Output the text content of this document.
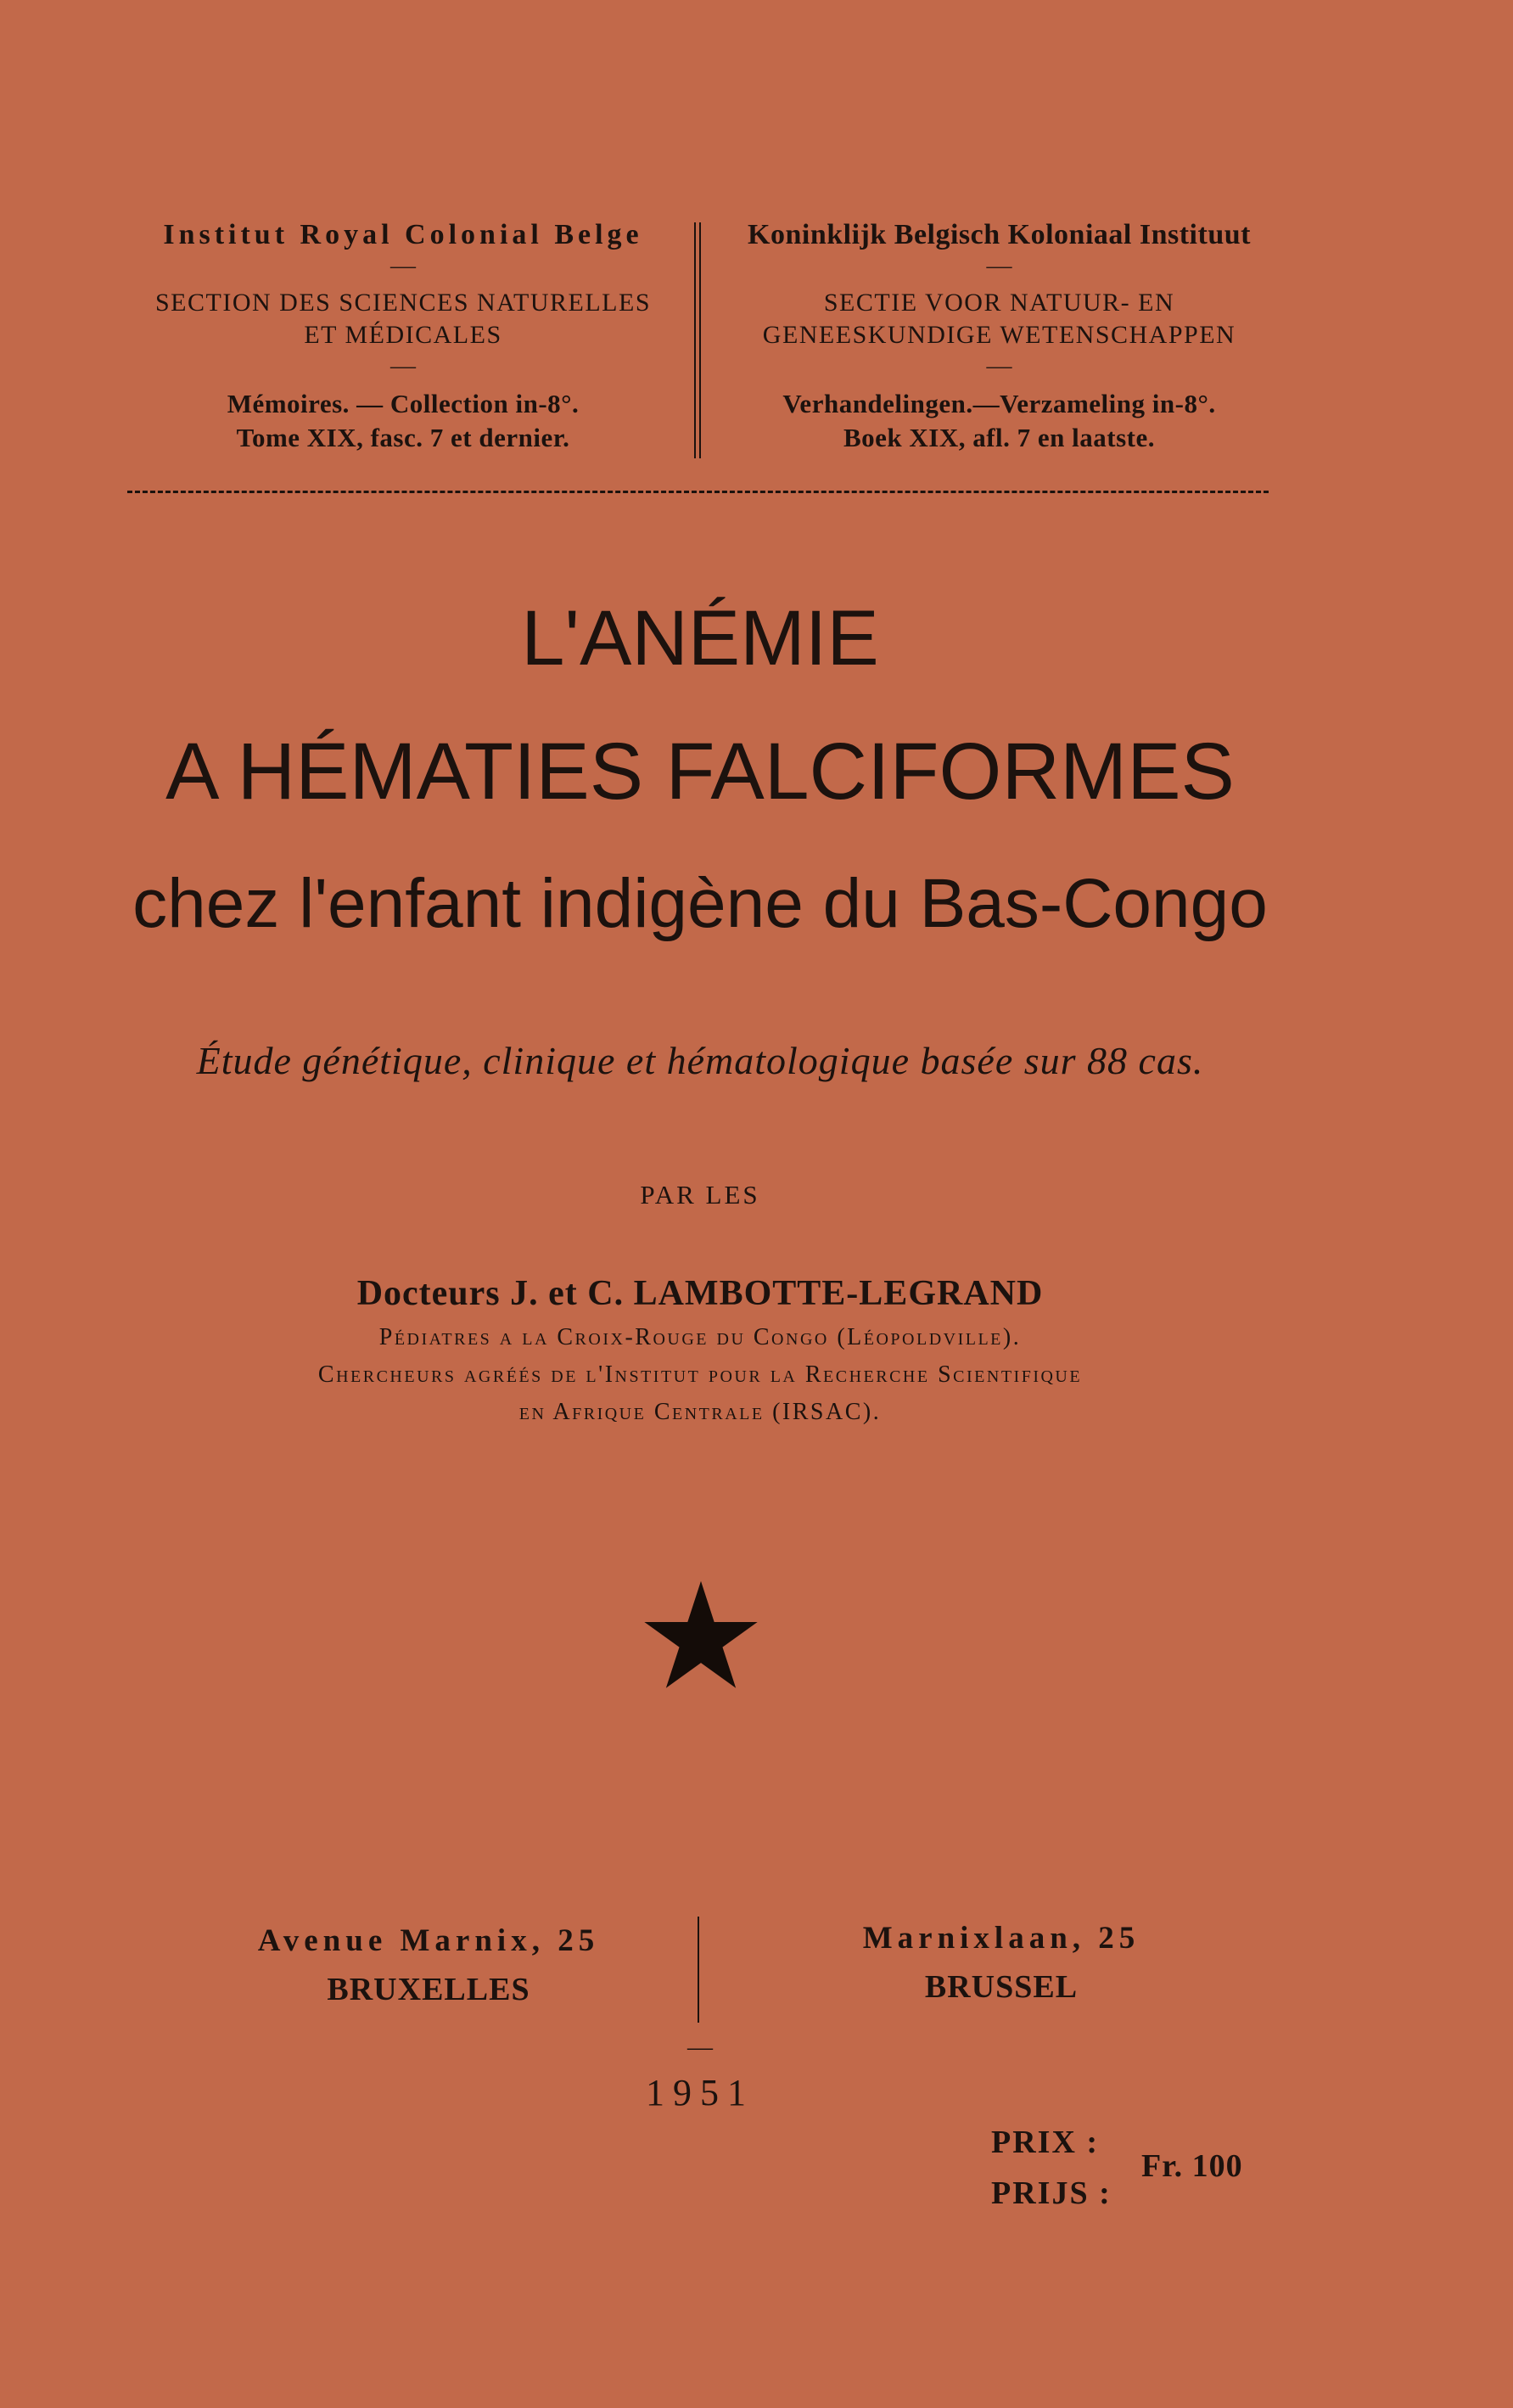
Institut Royal Colonial Belge
—
SECTION DES SCIENCES NATURELLES
ET MÉDICALES
—
Mémoires. — Collection in-8°.
Tome XIX, fasc. 7 et dernier.
Koninklijk Belgisch Koloniaal Instituut
—
SECTIE VOOR NATUUR- EN
GENEESKUNDIGE WETENSCHAPPEN
—
Verhandelingen.—Verzameling in-8°.
Boek XIX, afl. 7 en laatste.
L'ANÉMIE
A HÉMATIES FALCIFORMES
chez l'enfant indigène du Bas-Congo
Étude génétique, clinique et hématologique basée sur 88 cas.
PAR LES
Docteurs J. et C. LAMBOTTE-LEGRAND
Pédiatres a la Croix-Rouge du Congo (Léopoldville).
Chercheurs agréés de l'Institut pour la Recherche Scientifique
en Afrique Centrale (IRSAC).
Avenue Marnix, 25
BRUXELLES
Marnixlaan, 25
BRUSSEL
—
1951
PRIX :
PRIJS :
Fr. 100
